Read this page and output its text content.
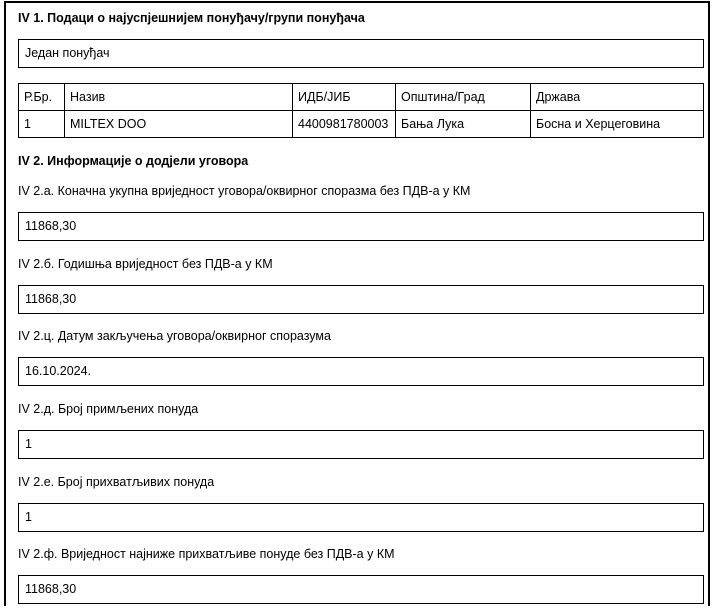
IV 1. Подаци о најуспјешнијем понуђачу/групи понуђача
Један понуђач
Р.Бр.	Назив	ИДБ/ЈИБ	Општина/Град	Држава
1	MILTEX DOO	4400981780003	Бања Лука	Босна и Херцеговина
IV 2. Информације о додјели уговора
IV 2.а. Коначна укупна вриједност уговора/оквирног споразма без ПДВ-а у КМ
11868,30
IV 2.б. Годишња вриједност без ПДВ-а у КМ
11868,30
IV 2.ц. Датум закључења уговора/оквирног споразума
16.10.2024.
IV 2.д. Број примљених понуда
1
IV 2.е. Број прихватљивих понуда
1
IV 2.ф. Вриједност најниже прихватљиве понуде без ПДВ-а у КМ
11868,30
